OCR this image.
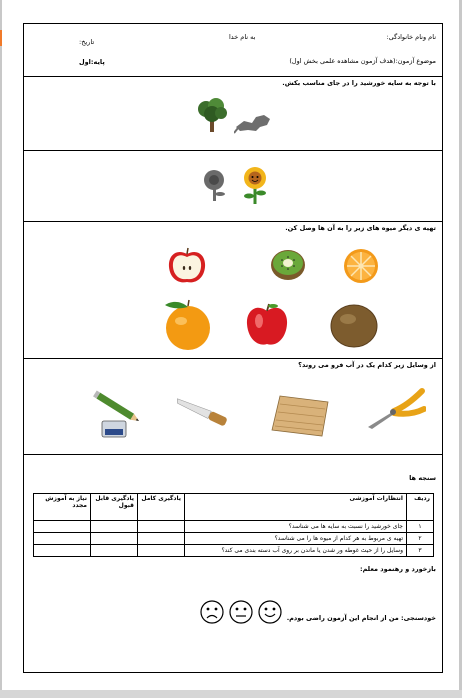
نام ونام خانوادگی:
به نام خدا
تاریخ:
موضوع آزمون:(هدف آزمون مشاهده علمی بخش اول)
پایه:اول
با توجه به سایه خورشید را در جای مناسب بکش.
تهیه ی دیگر میوه های زیر را به آن ها وصل کن.
از وسایل زیر کدام یک در آب فرو می روند؟
سنجه ها
ردیف	انتظارات آموزشی	یادگیری کامل	یادگیری قابل قبول	نیاز به آموزش مجدد
۱	جای خورشید را نسبت به سایه ها می شناسد؟			
۲	تهیه ی مربوط به هر کدام از میوه ها را می شناسد؟			
۳	وسایل را از حیث غوطه ور شدن یا ماندن بر روی آب دسته بندی می کند؟			
بازخورد و رهنمود معلم:
خودسنجی: من از انجام این آزمون راضی بودم.
